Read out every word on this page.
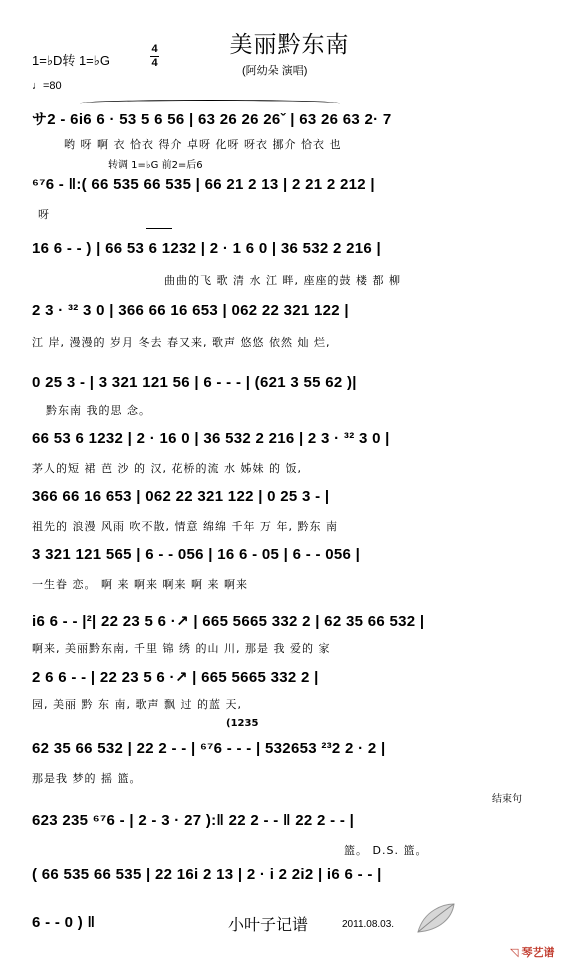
美丽黔东南
1=♭D转 1=♭G
4
4
(阿幼朵 演唱)
♩=80
サ2 - 6i6 6 · 53 5 6 56 | 63 26 26 26ˇ | 63 26 63 2· 7
哟 呀 啊 衣 恰衣 得介 卓呀 化呀 呀衣 挪介 恰衣 也
转调 1=♭G 前2=后6
⁶⁷6 - ‖:( 66 535 66 535 | 66 21 2 13 | 2 21 2 212 |
呀
16 6 - - ) | 66 53 6 1232 | 2 · 1 6 0 | 36 532 2 216 |
曲曲的飞 歌 清 水 江 畔, 座座的鼓 楼 都 柳
2 3 · ³² 3 0 | 366 66 16 653 | 062 22 321 122 |
江 岸, 漫漫的 岁月 冬去 春又来, 歌声 悠悠 依然 灿 烂,
0 25 3 - | 3 321 121 56 | 6 - - - | (621 3 55 62 )|
黔东南 我的思 念。
66 53 6 1232 | 2 · 16 0 | 36 532 2 216 | 2 3 · ³² 3 0 |
茅人的短 裙 芭 沙 的 汉, 花桥的流 水 姊妹 的 饭,
366 66 16 653 | 062 22 321 122 | 0 25 3 - |
祖先的 浪漫 风雨 吹不散, 情意 绵绵 千年 万 年, 黔东 南
3 321 121 565 | 6 - - 056 | 16 6 - 05 | 6 - - 056 |
一生眷 恋。 啊 来 啊来 啊来 啊 来 啊来
i6 6 - - |²| 22 23 5 6 ·↗ | 665 5665 332 2 | 62 35 66 532 |
啊来, 美丽黔东南, 千里 锦 绣 的山 川, 那是 我 爱的 家
2 6 6 - - | 22 23 5 6 ·↗ | 665 5665 332 2 |
园, 美丽 黔 东 南, 歌声 飘 过 的蓝 天,
(1235
62 35 66 532 | 22 2 - - | ⁶⁷6 - - - | 532653 ²³2 2 · 2 |
那是我 梦的 摇 篮。
结束句
623 235 ⁶⁷6 - | 2 - 3 · 27 ):‖ 22 2 - - ‖ 22 2 - - |
篮。 D.S. 篮。
( 66 535 66 535 | 22 16i 2 13 | 2 · i 2 2i2 | i6 6 - - |
6 - - 0 ) ‖	小叶子记谱	2011.08.03.
◹ 琴艺谱
